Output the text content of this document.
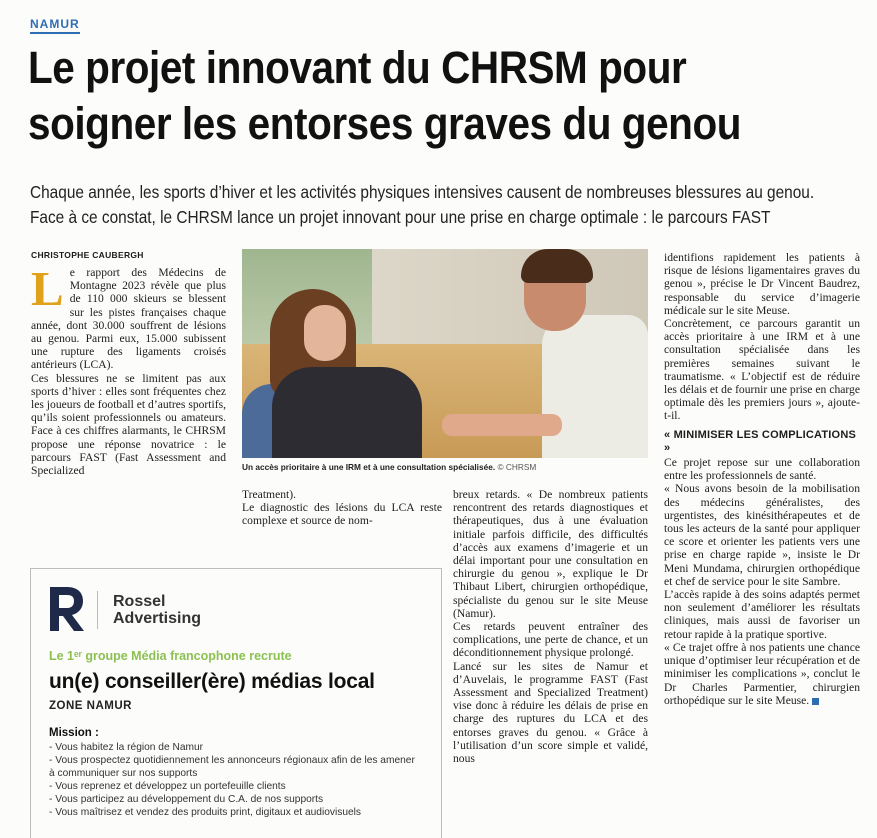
NAMUR
Le projet innovant du CHRSM pour
soigner les entorses graves du genou
Chaque année, les sports d’hiver et les activités physiques intensives causent de nombreuses blessures au genou.
Face à ce constat, le CHRSM lance un projet innovant pour une prise en charge optimale : le parcours FAST
CHRISTOPHE CAUBERGH

Le rapport des Médecins de Montagne 2023 révèle que plus de 110 000 skieurs se blessent sur les pistes françaises chaque année, dont 30.000 souffrent de lésions au genou. Parmi eux, 15.000 subissent une rupture des ligaments croisés antérieurs (LCA).

Ces blessures ne se limitent pas aux sports d’hiver : elles sont fréquentes chez les joueurs de football et d’autres sportifs, qu’ils soient professionnels ou amateurs. Face à ces chiffres alarmants, le CHRSM propose une réponse novatrice : le parcours FAST (Fast Assessment and Specialized	Un accès prioritaire à une IRM et à une consultation spécialisée. © CHRSM

Treatment).

Le diagnostic des lésions du LCA reste complexe et source de nom-

breux retards. « De nombreux patients rencontrent des retards diagnostiques et thérapeutiques, dus à une évaluation initiale parfois difficile, des difficultés d’accès aux examens d’imagerie et un délai important pour une consultation en chirurgie du genou », explique le Dr Thibaut Libert, chirurgien orthopédique, spécialiste du genou sur le site Meuse (Namur).

Ces retards peuvent entraîner des complications, une perte de chance, et un déconditionnement physique prolongé.

Lancé sur les sites de Namur et d’Auvelais, le programme FAST (Fast Assessment and Specialized Treatment) vise donc à réduire les délais de prise en charge des ruptures du LCA et des entorses graves du genou. « Grâce à l’utilisation d’un score simple et validé, nous

identifions rapidement les patients à risque de lésions ligamentaires graves du genou », précise le Dr Vincent Baudrez, responsable du service d’imagerie médicale sur le site Meuse.

Concrètement, ce parcours garantit un accès prioritaire à une IRM et à une consultation spécialisée dans les premières semaines suivant le traumatisme. « L’objectif est de réduire les délais et de fournir une prise en charge optimale dès les premiers jours », ajoute-t-il.

« MINIMISER LES COMPLICATIONS »

Ce projet repose sur une collaboration entre les professionnels de santé.

« Nous avons besoin de la mobilisation des médecins généralistes, des urgentistes, des kinésithérapeutes et de tous les acteurs de la santé pour appliquer ce score et orienter les patients vers une prise en charge rapide », insiste le Dr Meni Mundama, chirurgien orthopédique et chef de service pour le site Sambre.

L’accès rapide à des soins adaptés permet non seulement d’améliorer les résultats cliniques, mais aussi de favoriser un retour rapide à la pratique sportive.

« Ce trajet offre à nos patients une chance unique d’optimiser leur récupération et de minimiser les complications », conclut le Dr Charles Parmentier, chirurgien orthopédique sur le site Meuse.

Rossel
Advertising
Le 1ᵉʳ groupe Média francophone recrute
un(e) conseiller(ère) médias local
ZONE NAMUR
Mission :
- Vous habitez la région de Namur
- Vous prospectez quotidiennement les annonceurs régionaux afin de les amener à communiquer sur nos supports
- Vous reprenez et développez un portefeuille clients
- Vous participez au développement du C.A. de nos supports
- Vous maîtrisez et vendez des produits print, digitaux et audiovisuels
